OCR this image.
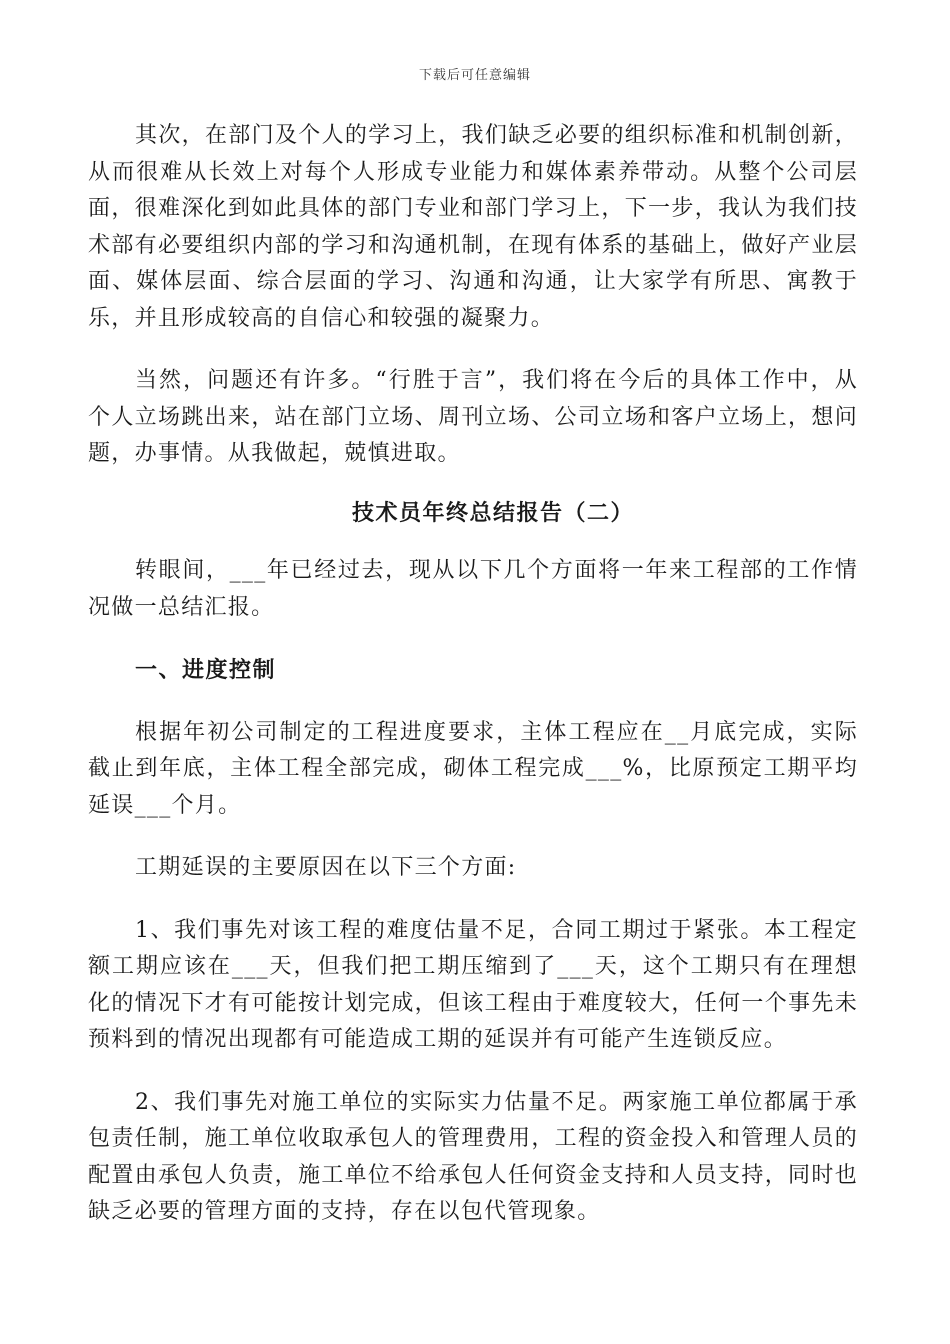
下载后可任意编辑

其次，在部门及个人的学习上，我们缺乏必要的组织标准和机制创新，从而很难从长效上对每个人形成专业能力和媒体素养带动。从整个公司层面，很难深化到如此具体的部门专业和部门学习上，下一步，我认为我们技术部有必要组织内部的学习和沟通机制，在现有体系的基础上，做好产业层面、媒体层面、综合层面的学习、沟通和沟通，让大家学有所思、寓教于乐，并且形成较高的自信心和较强的凝聚力。

当然，问题还有许多。“行胜于言”，我们将在今后的具体工作中，从个人立场跳出来，站在部门立场、周刊立场、公司立场和客户立场上，想问题，办事情。从我做起，兢慎进取。

技术员年终总结报告（二）

转眼间，___年已经过去，现从以下几个方面将一年来工程部的工作情况做一总结汇报。

一、进度控制

根据年初公司制定的工程进度要求，主体工程应在__月底完成，实际截止到年底，主体工程全部完成，砌体工程完成___%，比原预定工期平均延误___个月。

工期延误的主要原因在以下三个方面:

1、我们事先对该工程的难度估量不足，合同工期过于紧张。本工程定额工期应该在___天，但我们把工期压缩到了___天，这个工期只有在理想化的情况下才有可能按计划完成，但该工程由于难度较大，任何一个事先未预料到的情况出现都有可能造成工期的延误并有可能产生连锁反应。

2、我们事先对施工单位的实际实力估量不足。两家施工单位都属于承包责任制，施工单位收取承包人的管理费用，工程的资金投入和管理人员的配置由承包人负责，施工单位不给承包人任何资金支持和人员支持，同时也缺乏必要的管理方面的支持，存在以包代管现象。
